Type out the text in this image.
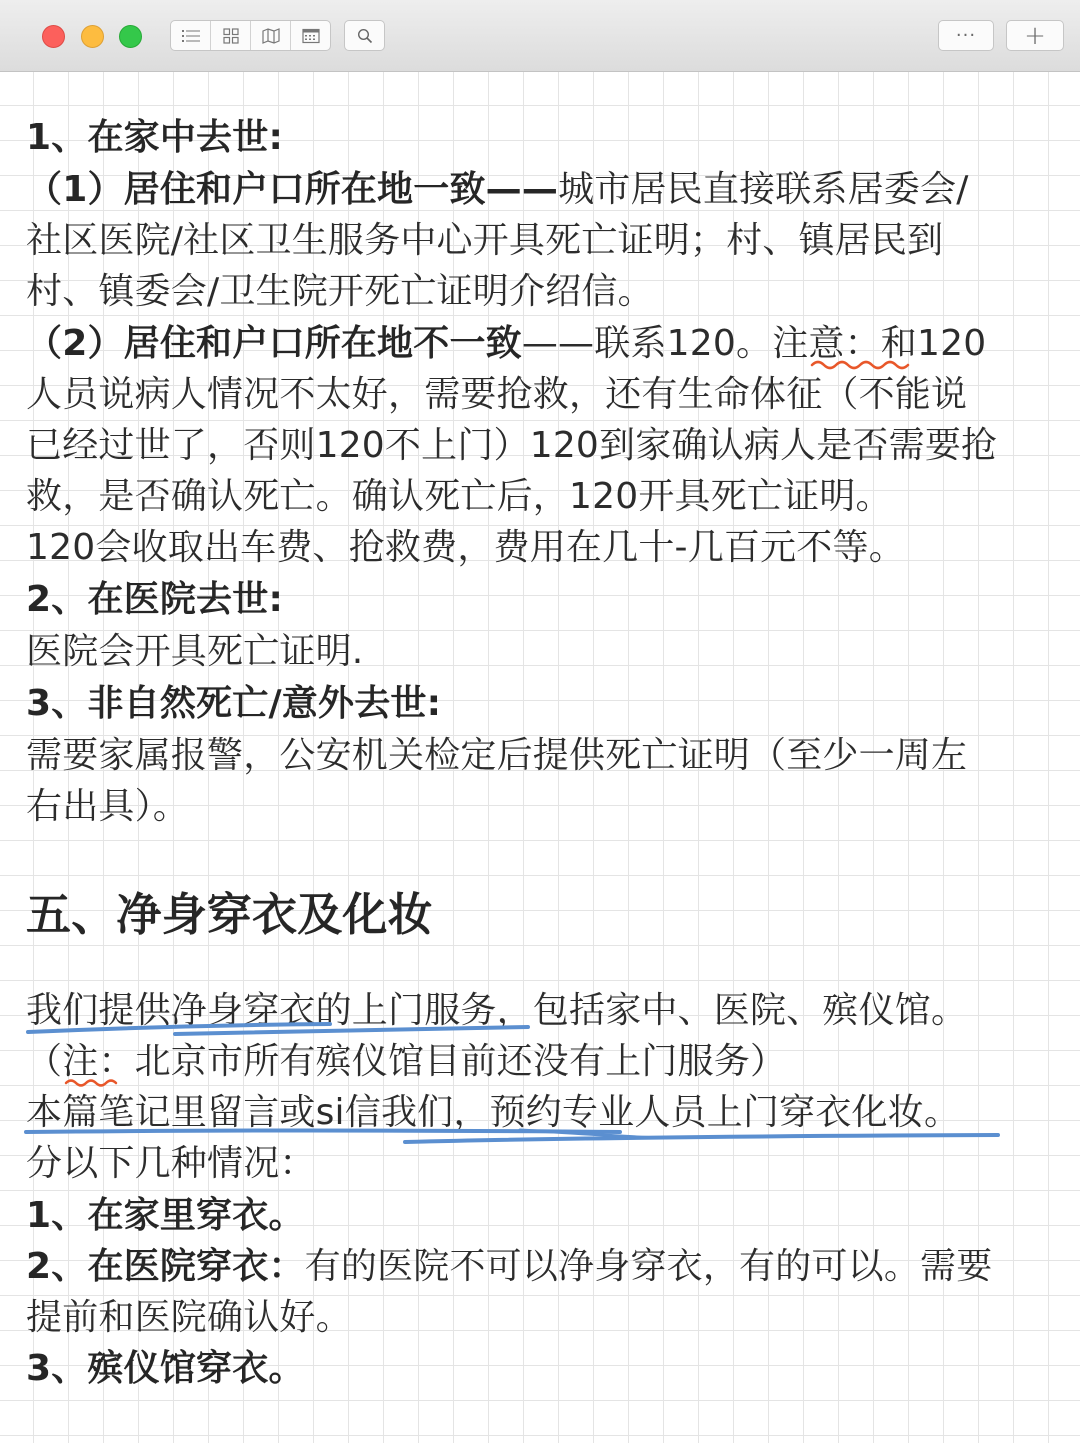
···	+

1、在家中去世:

（1）居住和户口所在地一致——城市居民直接联系居委会/

社区医院/社区卫生服务中心开具死亡证明；村、镇居民到

村、镇委会/卫生院开死亡证明介绍信。

（2）居住和户口所在地不一致——联系120。注意：和120

人员说病人情况不太好，需要抢救，还有生命体征（不能说

已经过世了，否则120不上门）120到家确认病人是否需要抢

救，是否确认死亡。确认死亡后，120开具死亡证明。

120会收取出车费、抢救费，费用在几十-几百元不等。

2、在医院去世:

医院会开具死亡证明.

3、非自然死亡/意外去世:

需要家属报警，公安机关检定后提供死亡证明（至少一周左

右出具）。

五、净身穿衣及化妆

我们提供净身穿衣的上门服务，包括家中、医院、殡仪馆。

（注：北京市所有殡仪馆目前还没有上门服务）

本篇笔记里留言或si信我们，预约专业人员上门穿衣化妆。

分以下几种情况：

1、在家里穿衣。

2、在医院穿衣：有的医院不可以净身穿衣，有的可以。需要

提前和医院确认好。

3、殡仪馆穿衣。
